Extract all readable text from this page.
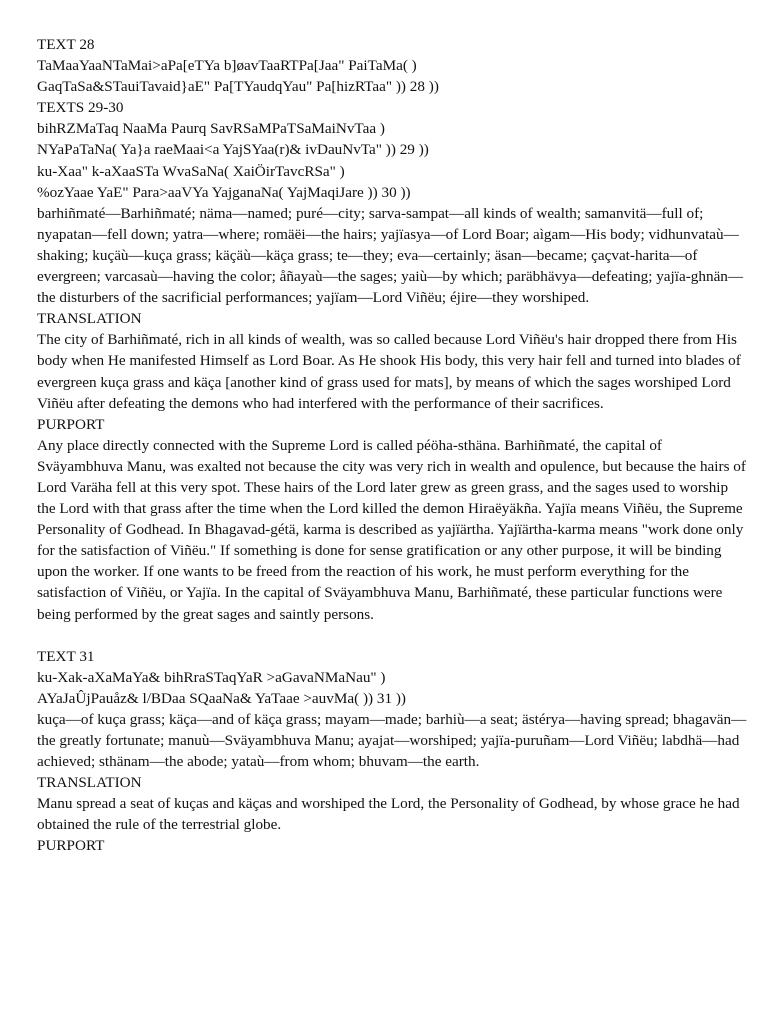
TEXT 28
TaMaaYaaNTaMai>aPa[eTYa b]øavTaaRTPa[Jaa" PaiTaMa( )
GaqTaSa&STauiTavaid}aE" Pa[TYaudqYau" Pa[hizRTaa" )) 28 ))
TEXTS 29-30
bihRZMaTaq NaaMa Paurq SavRSaMPaTSaMaiNvTaa )
NYaPaTaNa( Ya}a raeMaai<a YajSYaa(r)& ivDauNvTa" )) 29 ))
ku-Xaa" k-aXaaSTa WvaSaNa( XaiÖirTavcRSa" )
%ozYaae YaE" Para>aaVYa YajganaNa( YajMaqiJare )) 30 ))
barhiñmaté—Barhiñmaté; näma—named; puré—city; sarva-sampat—all kinds of wealth; samanvitä—full of; nyapatan—fell down; yatra—where; romäëi—the hairs; yajïasya—of Lord Boar; aìgam—His body; vidhunvataù—shaking; kuçäù—kuça grass; käçäù—käça grass; te—they; eva—certainly; äsan—became; çaçvat-harita—of evergreen; varcasaù—having the color; åñayaù—the sages; yaiù—by which; paräbhävya—defeating; yajïa-ghnän—the disturbers of the sacrificial performances; yajïam—Lord Viñëu; éjire—they worshiped.
TRANSLATION
The city of Barhiñmaté, rich in all kinds of wealth, was so called because Lord Viñëu's hair dropped there from His body when He manifested Himself as Lord Boar. As He shook His body, this very hair fell and turned into blades of evergreen kuça grass and käça [another kind of grass used for mats], by means of which the sages worshiped Lord Viñëu after defeating the demons who had interfered with the performance of their sacrifices.
PURPORT
Any place directly connected with the Supreme Lord is called péöha-sthäna. Barhiñmaté, the capital of Sväyambhuva Manu, was exalted not because the city was very rich in wealth and opulence, but because the hairs of Lord Varäha fell at this very spot. These hairs of the Lord later grew as green grass, and the sages used to worship the Lord with that grass after the time when the Lord killed the demon Hiraëyäkña. Yajïa means Viñëu, the Supreme Personality of Godhead. In Bhagavad-gétä, karma is described as yajïärtha. Yajïärtha-karma means "work done only for the satisfaction of Viñëu." If something is done for sense gratification or any other purpose, it will be binding upon the worker. If one wants to be freed from the reaction of his work, he must perform everything for the satisfaction of Viñëu, or Yajïa. In the capital of Sväyambhuva Manu, Barhiñmaté, these particular functions were being performed by the great sages and saintly persons.
TEXT 31
ku-Xak-aXaMaYa& bihRraSTaqYaR >aGavaNMaNau" )
AYaJaÛjPauåz& l/BDaa SQaaNa& YaTaae >auvMa( )) 31 ))
kuça—of kuça grass; käça—and of käça grass; mayam—made; barhiù—a seat; ästérya—having spread; bhagavän—the greatly fortunate; manuù—Sväyambhuva Manu; ayajat—worshiped; yajïa-puruñam—Lord Viñëu; labdhä—had achieved; sthänam—the abode; yataù—from whom; bhuvam—the earth.
TRANSLATION
Manu spread a seat of kuças and käças and worshiped the Lord, the Personality of Godhead, by whose grace he had obtained the rule of the terrestrial globe.
PURPORT
